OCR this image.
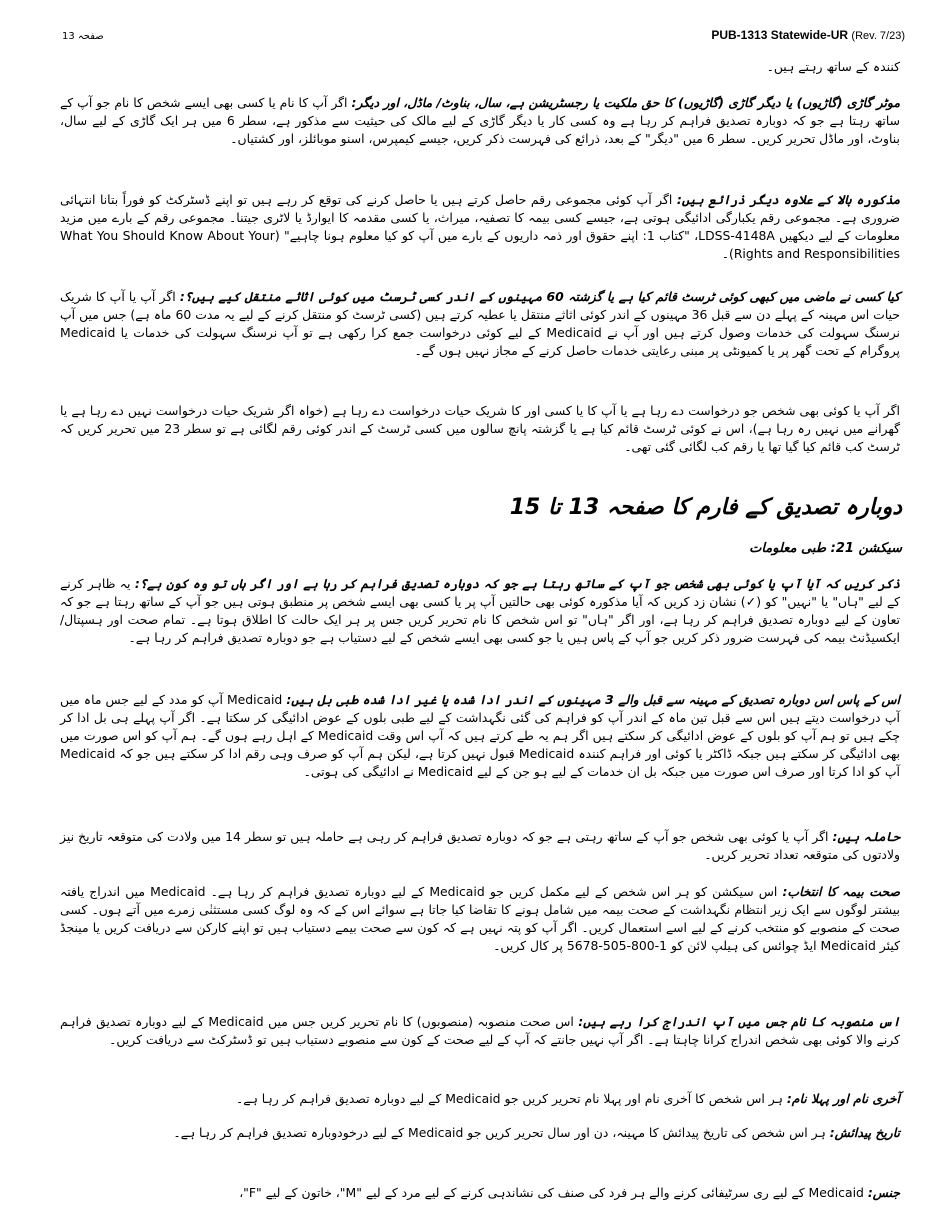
صفحہ 13	PUB-1313 Statewide-UR (Rev. 7/23)

کنندہ کے ساتھ رہتے ہیں۔

موٹر گاڑی (گاڑیوں) یا دیگر گاڑی (گاڑیوں) کا حق ملکیت یا رجسٹریشن ہے، سال، بناوٹ/ ماڈل، اور دیگر: اگر آپ کا نام یا کسی بھی ایسے شخص کا نام جو آپ کے ساتھ رہتا ہے جو کہ دوبارہ تصدیق فراہم کر رہا ہے وہ کسی کار یا دیگر گاڑی کے لیے مالک کی حیثیت سے مذکور ہے، سطر 6 میں ہر ایک گاڑی کے لیے سال، بناوٹ، اور ماڈل تحریر کریں۔ سطر 6 میں "دیگر" کے بعد، ذرائع کی فہرست ذکر کریں، جیسے کیمپرس، اسنو موبائلز، اور کشتیاں۔

مذکورہ بالا کے علاوہ دیگر ذرائع ہیں: اگر آپ کوئی مجموعی رقم حاصل کرتے ہیں یا حاصل کرنے کی توقع کر رہے ہیں تو اپنے ڈسٹرکٹ کو فوراً بتانا انتہائی ضروری ہے۔ مجموعی رقم یکبارگی ادائیگی ہوتی ہے، جیسے کسی بیمہ کا تصفیہ، میراث، یا کسی مقدمہ کا ایوارڈ یا لاٹری جیتنا۔ مجموعی رقم کے بارے میں مزید معلومات کے لیے دیکھیں LDSS-4148A، "کتاب 1: اپنے حقوق اور ذمہ داریوں کے بارے میں آپ کو کیا معلوم ہونا چاہیے" (What You Should Know About Your Rights and Responsibilities)۔

کیا کسی نے ماضی میں کبھی کوئی ٹرسٹ قائم کیا ہے یا گزشتہ 60 مہینوں کے اندر کسی ٹرسٹ میں کوئی اثاثے منتقل کیے ہیں؟: اگر آپ یا آپ کا شریک حیات اس مہینہ کے پہلے دن سے قبل 36 مہینوں کے اندر کوئی اثاثے منتقل یا عطیہ کرتے ہیں (کسی ٹرسٹ کو منتقل کرنے کے لیے یہ مدت 60 ماہ ہے) جس میں آپ نرسنگ سہولت کی خدمات وصول کرتے ہیں اور آپ نے Medicaid کے لیے کوئی درخواست جمع کرا رکھی ہے تو آپ نرسنگ سہولت کی خدمات یا Medicaid پروگرام کے تحت گھر پر یا کمیونٹی پر مبنی رعایتی خدمات حاصل کرنے کے مجاز نہیں ہوں گے۔

اگر آپ یا کوئی بھی شخص جو درخواست دے رہا ہے یا آپ کا یا کسی اور کا شریک حیات درخواست دے رہا ہے (خواہ اگر شریک حیات درخواست نہیں دے رہا ہے یا گھرانے میں نہیں رہ رہا ہے)، اس نے کوئی ٹرسٹ قائم کیا ہے یا گزشتہ پانچ سالوں میں کسی ٹرسٹ کے اندر کوئی رقم لگائی ہے تو سطر 23 میں تحریر کریں کہ ٹرسٹ کب قائم کیا گیا تھا یا رقم کب لگائی گئی تھی۔

دوبارہ تصدیق کے فارم کا صفحہ 13 تا 15
سیکشن 21: طبی معلومات

ذکر کریں کہ آیا آپ یا کوئی بھی شخص جو آپ کے ساتھ رہتا ہے جو کہ دوبارہ تصدیق فراہم کر رہا ہے اور اگر ہاں تو وہ کون ہے؟: یہ ظاہر کرنے کے لیے "ہاں" یا "نہیں" کو (✓) نشان زد کریں کہ آیا مذکورہ کوئی بھی حالتیں آپ پر یا کسی بھی ایسے شخص پر منطبق ہوتی ہیں جو آپ کے ساتھ رہتا ہے جو کہ تعاون کے لیے دوبارہ تصدیق فراہم کر رہا ہے، اور اگر "ہاں" تو اس شخص کا نام تحریر کریں جس پر ہر ایک حالت کا اطلاق ہوتا ہے۔ تمام صحت اور ہسپتال/ایکسیڈنٹ بیمہ کی فہرست ضرور ذکر کریں جو آپ کے پاس ہیں یا جو کسی بھی ایسے شخص کے لیے دستیاب ہے جو دوبارہ تصدیق فراہم کر رہا ہے۔

اس کے پاس اس دوبارہ تصدیق کے مہینہ سے قبل والے 3 مہینوں کے اندر ادا شدہ یا غیر ادا شدہ طبی بل ہیں: Medicaid آپ کو مدد کے لیے جس ماہ میں آپ درخواست دیتے ہیں اس سے قبل تین ماہ کے اندر آپ کو فراہم کی گئی نگہداشت کے لیے طبی بلوں کے عوض ادائیگی کر سکتا ہے۔ اگر آپ پہلے ہی بل ادا کر چکے ہیں تو ہم آپ کو بلوں کے عوض ادائیگی کر سکتے ہیں اگر ہم یہ طے کرتے ہیں کہ آپ اس وقت Medicaid کے اہل رہے ہوں گے۔ ہم آپ کو اس صورت میں بھی ادائیگی کر سکتے ہیں جبکہ ڈاکٹر یا کوئی اور فراہم کنندہ Medicaid قبول نہیں کرتا ہے، لیکن ہم آپ کو صرف وہی رقم ادا کر سکتے ہیں جو کہ Medicaid آپ کو ادا کرتا اور صرف اس صورت میں جبکہ بل ان خدمات کے لیے ہو جن کے لیے Medicaid نے ادائیگی کی ہوتی۔

حاملہ ہیں: اگر آپ یا کوئی بھی شخص جو آپ کے ساتھ رہتی ہے جو کہ دوبارہ تصدیق فراہم کر رہی ہے حاملہ ہیں تو سطر 14 میں ولادت کی متوقعہ تاریخ نیز ولادتوں کی متوقعہ تعداد تحریر کریں۔

صحت بیمہ کا انتخاب: اس سیکشن کو ہر اس شخص کے لیے مکمل کریں جو Medicaid کے لیے دوبارہ تصدیق فراہم کر رہا ہے۔ Medicaid میں اندراج یافتہ بیشتر لوگوں سے ایک زیر انتظام نگہداشت کے صحت بیمہ میں شامل ہونے کا تقاضا کیا جاتا ہے سوائے اس کے کہ وہ لوگ کسی مستثنٰی زمرے میں آتے ہوں۔ کسی صحت کے منصوبے کو منتخب کرنے کے لیے اسے استعمال کریں۔ اگر آپ کو پتہ نہیں ہے کہ کون سے صحت بیمے دستیاب ہیں تو اپنے کارکن سے دریافت کریں یا مینجڈ کیئر Medicaid ایڈ چوائس کی ہیلپ لائن کو 1-800-505-5678 پر کال کریں۔

اس منصوبہ کا نام جس میں آپ اندراج کرا رہے ہیں: اس صحت منصوبہ (منصوبوں) کا نام تحریر کریں جس میں Medicaid کے لیے دوبارہ تصدیق فراہم کرنے والا کوئی بھی شخص اندراج کرانا چاہتا ہے۔ اگر آپ نہیں جانتے کہ آپ کے لیے صحت کے کون سے منصوبے دستیاب ہیں تو ڈسٹرکٹ سے دریافت کریں۔

آخری نام اور پہلا نام: ہر اس شخص کا آخری نام اور پہلا نام تحریر کریں جو Medicaid کے لیے دوبارہ تصدیق فراہم کر رہا ہے۔

تاریخ پیدائش: ہر اس شخص کی تاریخ پیدائش کا مہینہ، دن اور سال تحریر کریں جو Medicaid کے لیے درخودوبارہ تصدیق فراہم کر رہا ہے۔

جنس: Medicaid کے لیے ری سرٹیفائی کرنے والے ہر فرد کی صنف کی نشاندہی کرنے کے لیے مرد کے لیے "M"، خاتون کے لیے "F"،
